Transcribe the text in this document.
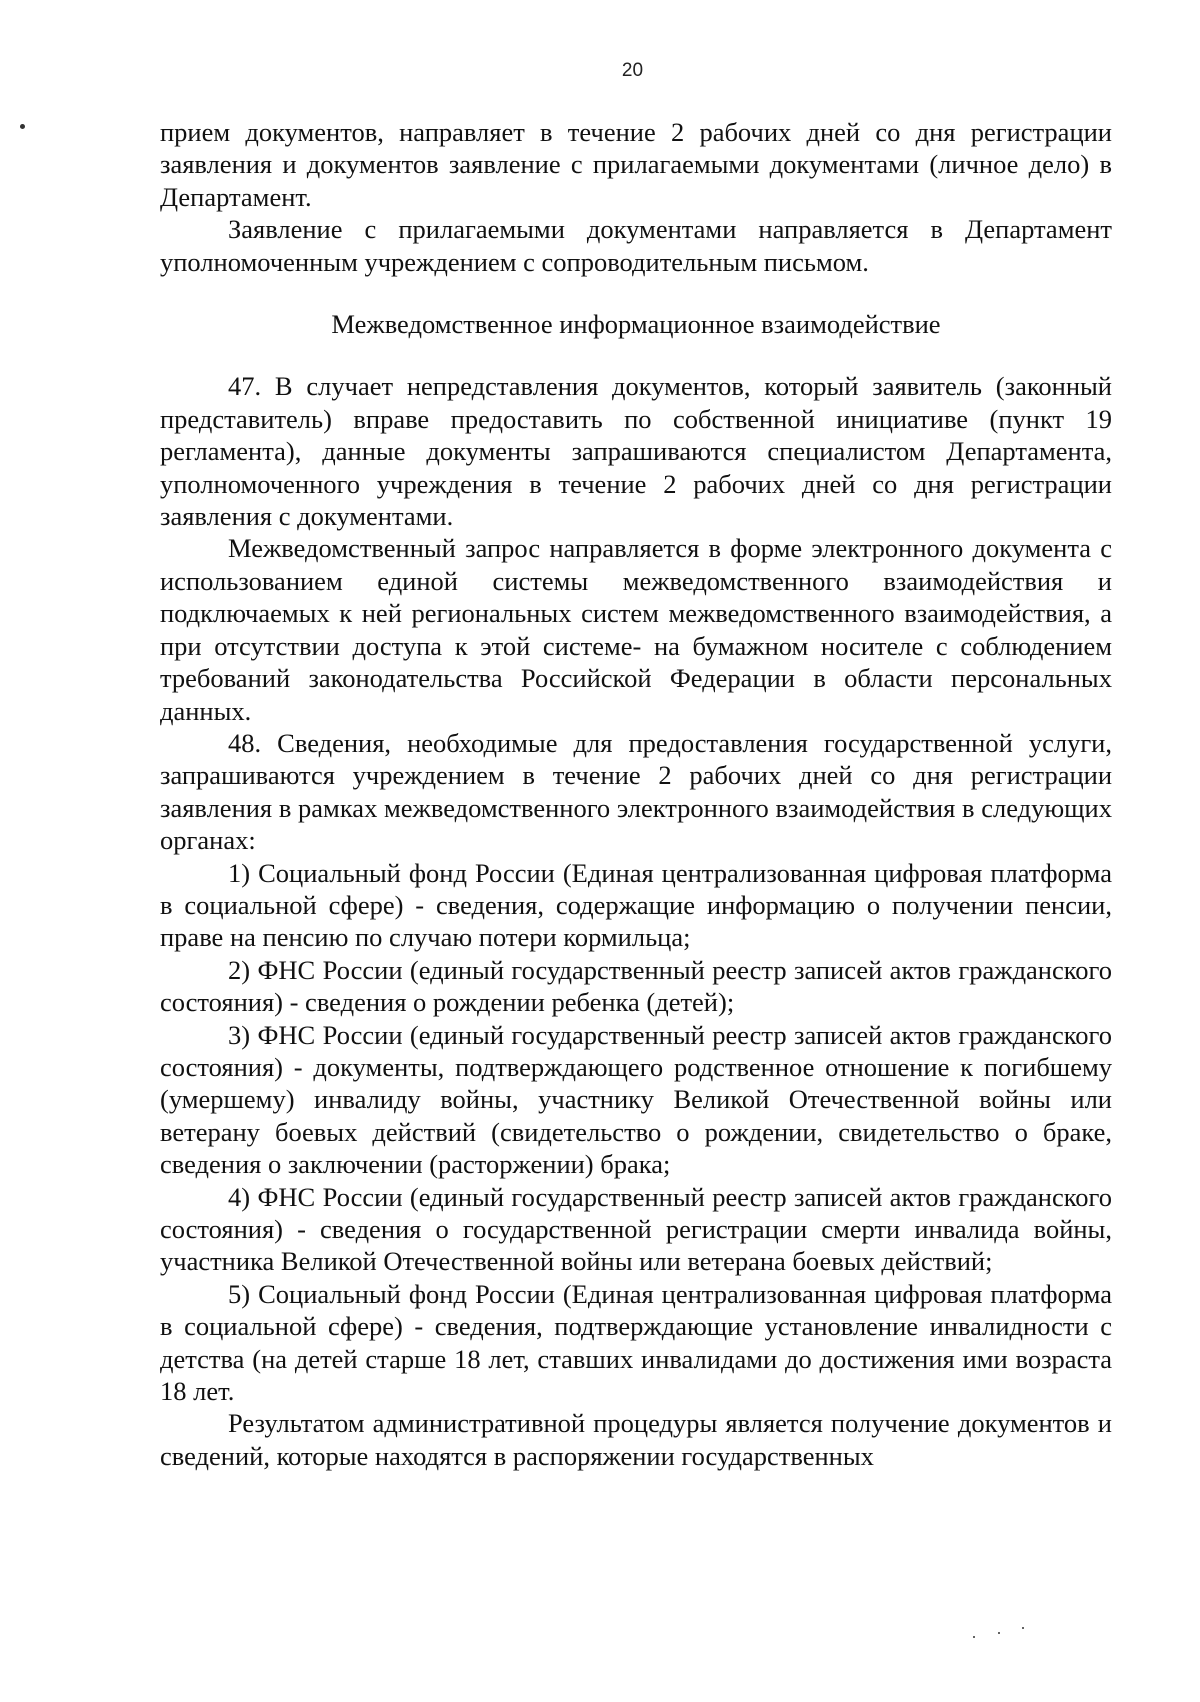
20

прием документов, направляет в течение 2 рабочих дней со дня регистрации заявления и документов заявление с прилагаемыми документами (личное дело) в Департамент.

Заявление с прилагаемыми документами направляется в Департамент уполномоченным учреждением с сопроводительным письмом.

Межведомственное информационное взаимодействие

47. В случает непредставления документов, который заявитель (законный представитель) вправе предоставить по собственной инициативе (пункт 19 регламента), данные документы запрашиваются специалистом Департамента, уполномоченного учреждения в течение 2 рабочих дней со дня регистрации заявления с документами.

Межведомственный запрос направляется в форме электронного документа с использованием единой системы межведомственного взаимодействия и подключаемых к ней региональных систем межведомственного взаимодействия, а при отсутствии доступа к этой системе- на бумажном носителе с соблюдением требований законодательства Российской Федерации в области персональных данных.

48. Сведения, необходимые для предоставления государственной услуги, запрашиваются учреждением в течение 2 рабочих дней со дня регистрации заявления в рамках межведомственного электронного взаимодействия в следующих органах:

1) Социальный фонд России (Единая централизованная цифровая платформа в социальной сфере) - сведения, содержащие информацию о получении пенсии, праве на пенсию по случаю потери кормильца;

2) ФНС России (единый государственный реестр записей актов гражданского состояния) - сведения о рождении ребенка (детей);

3) ФНС России (единый государственный реестр записей актов гражданского состояния) - документы, подтверждающего родственное отношение к погибшему (умершему) инвалиду войны, участнику Великой Отечественной войны или ветерану боевых действий (свидетельство о рождении, свидетельство о браке, сведения о заключении (расторжении) брака;

4) ФНС России (единый государственный реестр записей актов гражданского состояния) - сведения о государственной регистрации смерти инвалида войны, участника Великой Отечественной войны или ветерана боевых действий;

5) Социальный фонд России (Единая централизованная цифровая платформа в социальной сфере) - сведения, подтверждающие установление инвалидности с детства (на детей старше 18 лет, ставших инвалидами до достижения ими возраста 18 лет.

Результатом административной процедуры является получение документов и сведений, которые находятся в распоряжении государственных
